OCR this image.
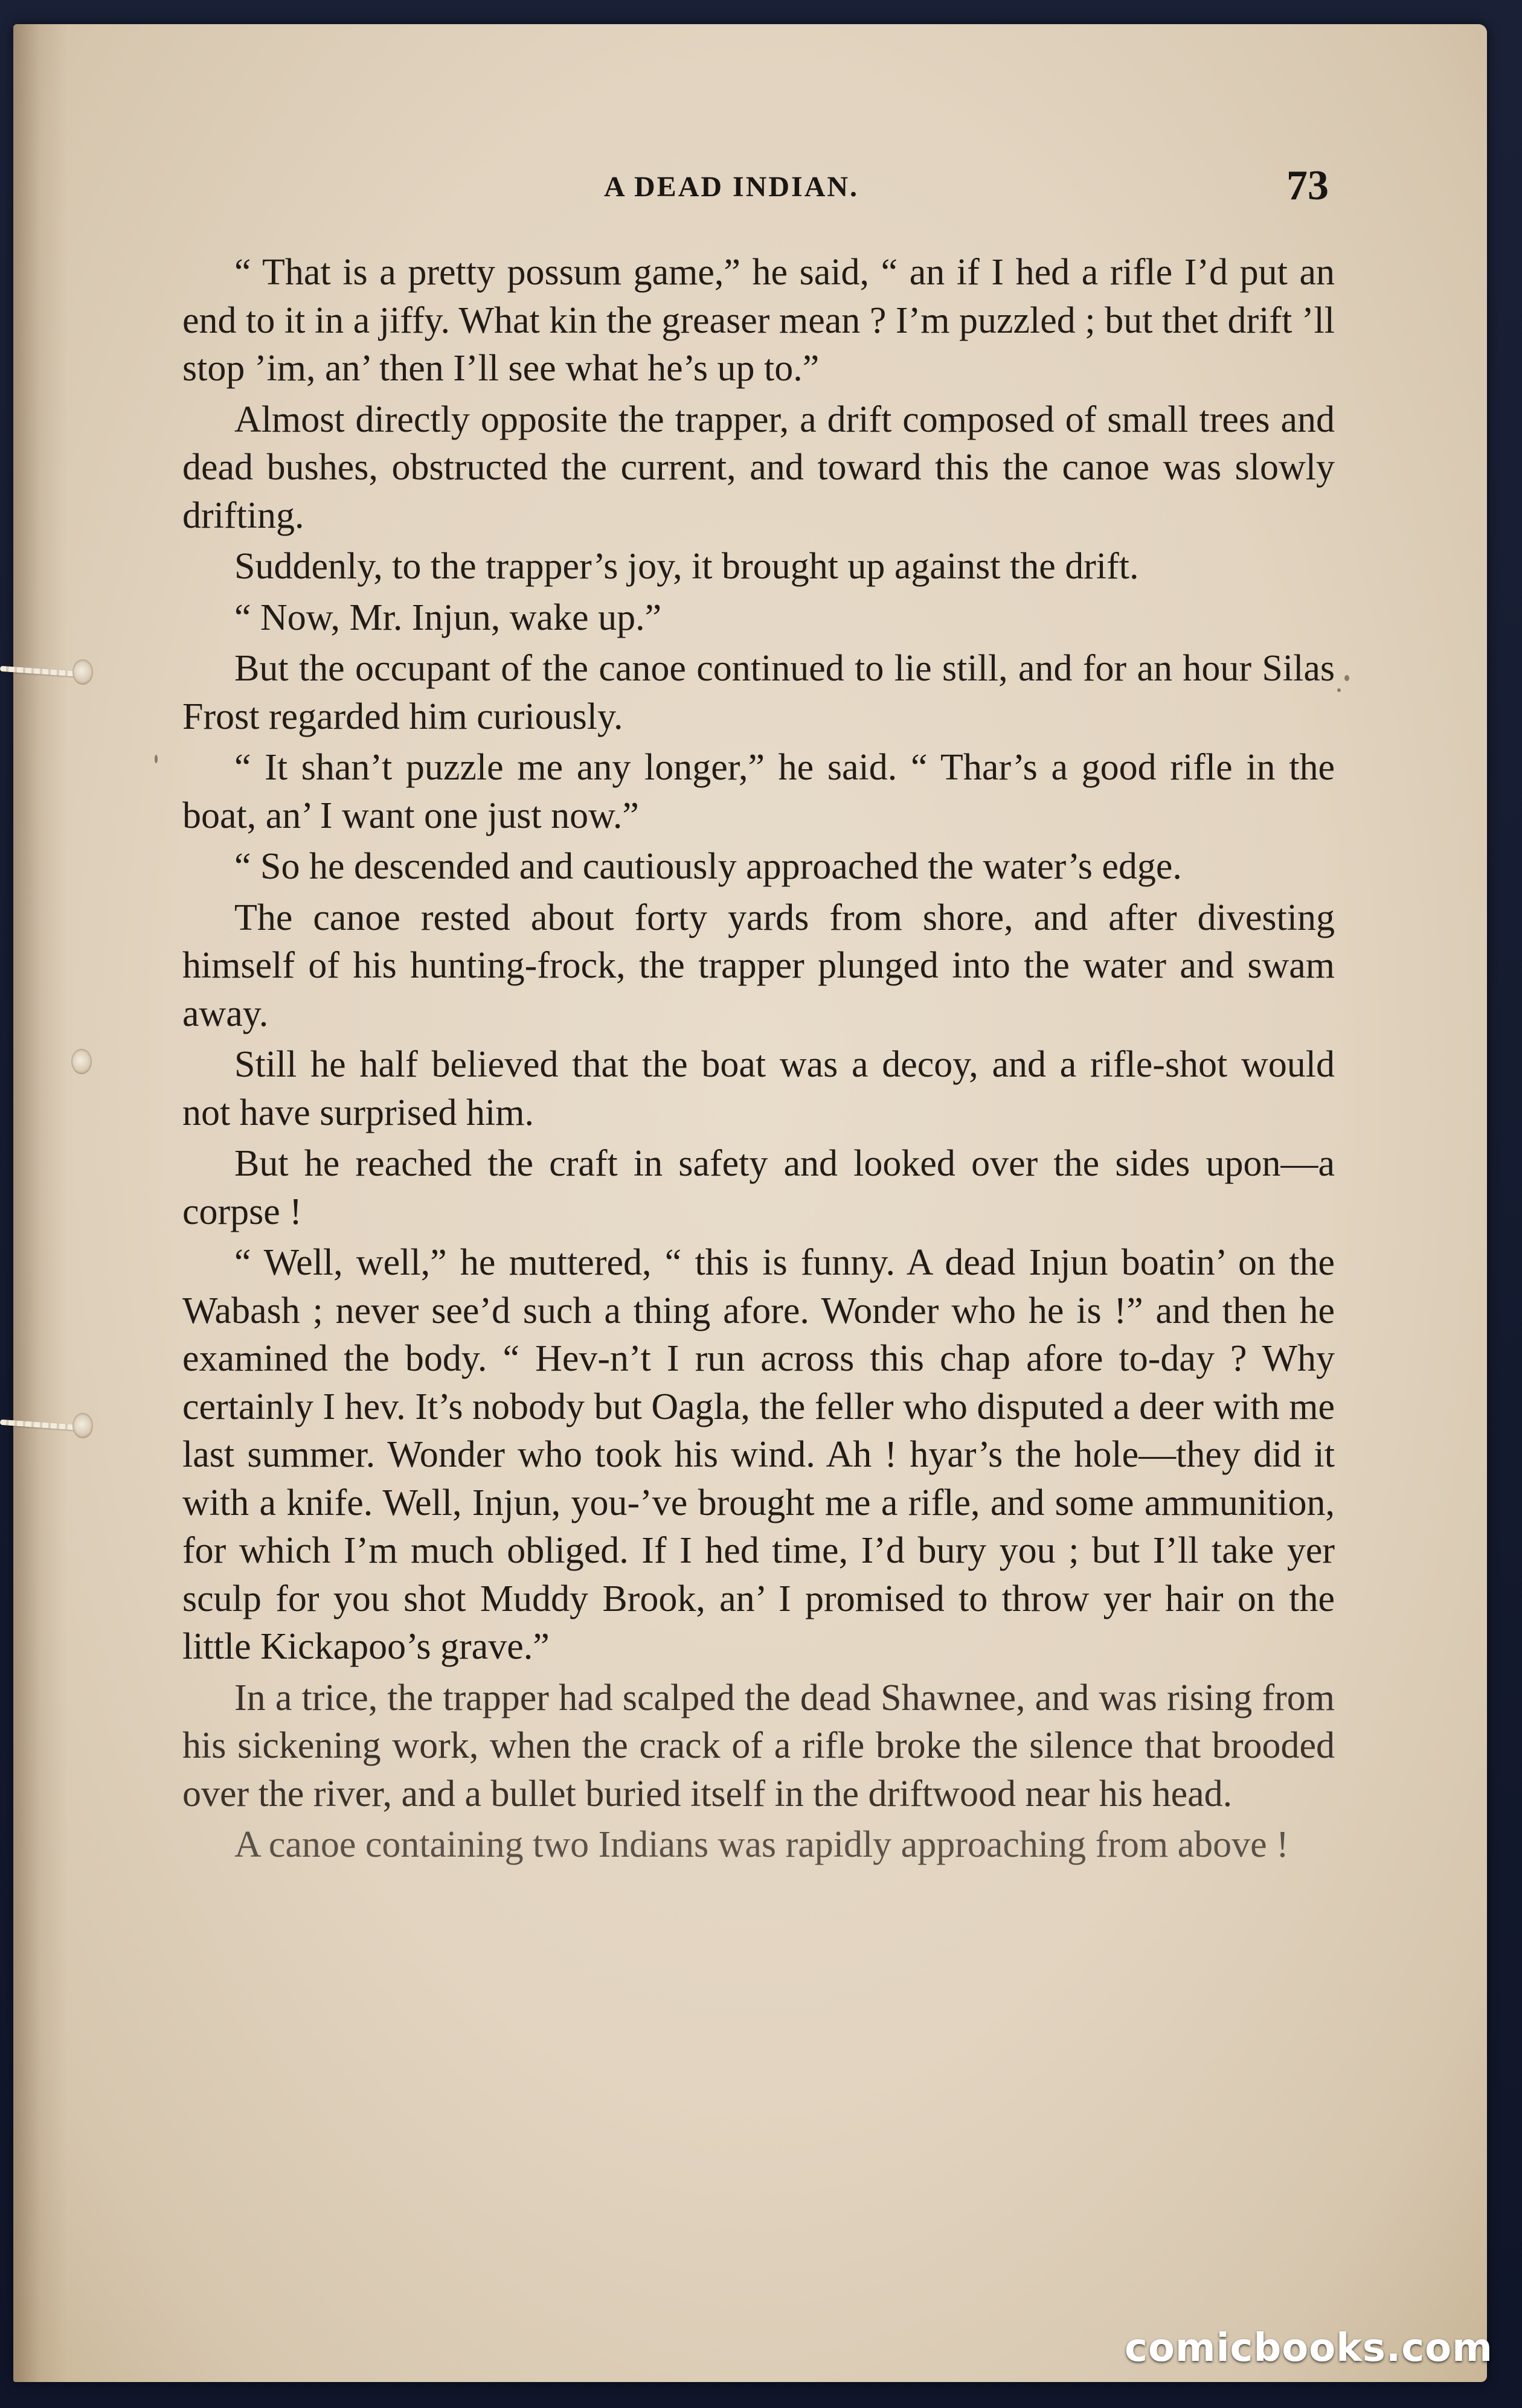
A DEAD INDIAN.	73

“ That is a pretty possum game,” he said, “ an if I hed a rifle I’d put an end to it in a jiffy. What kin the greaser mean ? I’m puzzled ; but thet drift ’ll stop ’im, an’ then I’ll see what he’s up to.”

Almost directly opposite the trapper, a drift composed of small trees and dead bushes, obstructed the current, and toward this the canoe was slowly drifting.

Suddenly, to the trapper’s joy, it brought up against the drift.

“ Now, Mr. Injun, wake up.”

But the occupant of the canoe continued to lie still, and for an hour Silas Frost regarded him curiously.

“ It shan’t puzzle me any longer,” he said. “ Thar’s a good rifle in the boat, an’ I want one just now.”

“ So he descended and cautiously approached the water’s edge.

The canoe rested about forty yards from shore, and after divesting himself of his hunting-frock, the trapper plunged into the water and swam away.

Still he half believed that the boat was a decoy, and a rifle-shot would not have surprised him.

But he reached the craft in safety and looked over the sides upon—a corpse !

“ Well, well,” he muttered, “ this is funny. A dead Injun boatin’ on the Wabash ; never see’d such a thing afore. Wonder who he is !” and then he examined the body. “ Hev-n’t I run across this chap afore to-day ? Why certainly I hev. It’s nobody but Oagla, the feller who disputed a deer with me last summer. Wonder who took his wind. Ah ! hyar’s the hole—they did it with a knife. Well, Injun, you-’ve brought me a rifle, and some ammunition, for which I’m much obliged. If I hed time, I’d bury you ; but I’ll take yer sculp for you shot Muddy Brook, an’ I promised to throw yer hair on the little Kickapoo’s grave.”

In a trice, the trapper had scalped the dead Shawnee, and was rising from his sickening work, when the crack of a rifle broke the silence that brooded over the river, and a bullet buried itself in the driftwood near his head.

A canoe containing two Indians was rapidly approaching from above !

comicbooks.com
